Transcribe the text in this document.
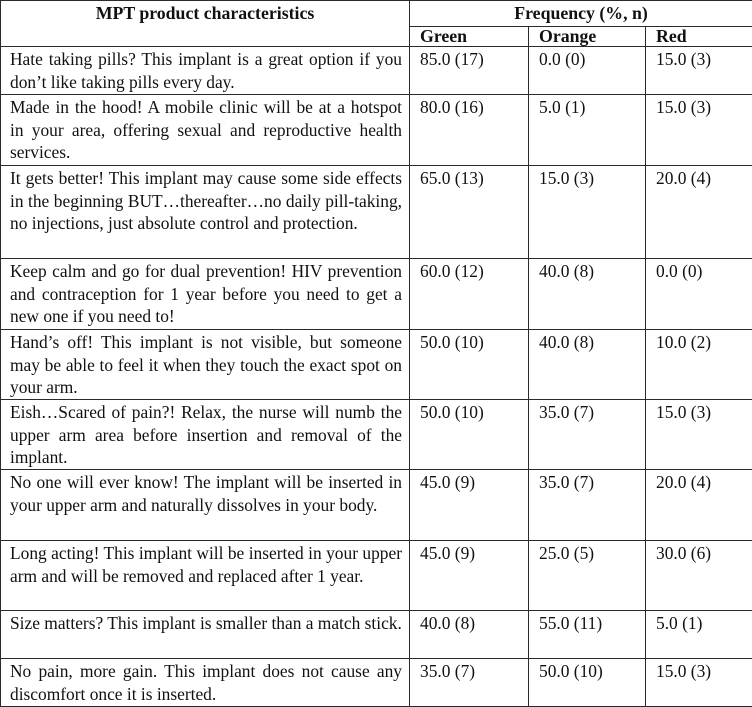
MPT product characteristics	Frequency (%, n)		
	Green	Orange	Red
Hate taking pills? This implant is a great option if you don’t like taking pills every day.	85.0 (17)	0.0 (0)	15.0 (3)
Made in the hood! A mobile clinic will be at a hotspot in your area, offering sexual and reproductive health services.	80.0 (16)	5.0 (1)	15.0 (3)
It gets better! This implant may cause some side effects in the beginning BUT…thereafter…no daily pill-taking, no injections, just absolute control and protection.	65.0 (13)	15.0 (3)	20.0 (4)
Keep calm and go for dual prevention! HIV prevention and contraception for 1 year before you need to get a new one if you need to!	60.0 (12)	40.0 (8)	0.0 (0)
Hand’s off! This implant is not visible, but someone may be able to feel it when they touch the exact spot on your arm.	50.0 (10)	40.0 (8)	10.0 (2)
Eish…Scared of pain?! Relax, the nurse will numb the upper arm area before insertion and removal of the implant.	50.0 (10)	35.0 (7)	15.0 (3)
No one will ever know! The implant will be inserted in your upper arm and naturally dissolves in your body.	45.0 (9)	35.0 (7)	20.0 (4)
Long acting! This implant will be inserted in your upper arm and will be removed and replaced after 1 year.	45.0 (9)	25.0 (5)	30.0 (6)
Size matters? This implant is smaller than a match stick.	40.0 (8)	55.0 (11)	5.0 (1)
No pain, more gain. This implant does not cause any discomfort once it is inserted.	35.0 (7)	50.0 (10)	15.0 (3)
